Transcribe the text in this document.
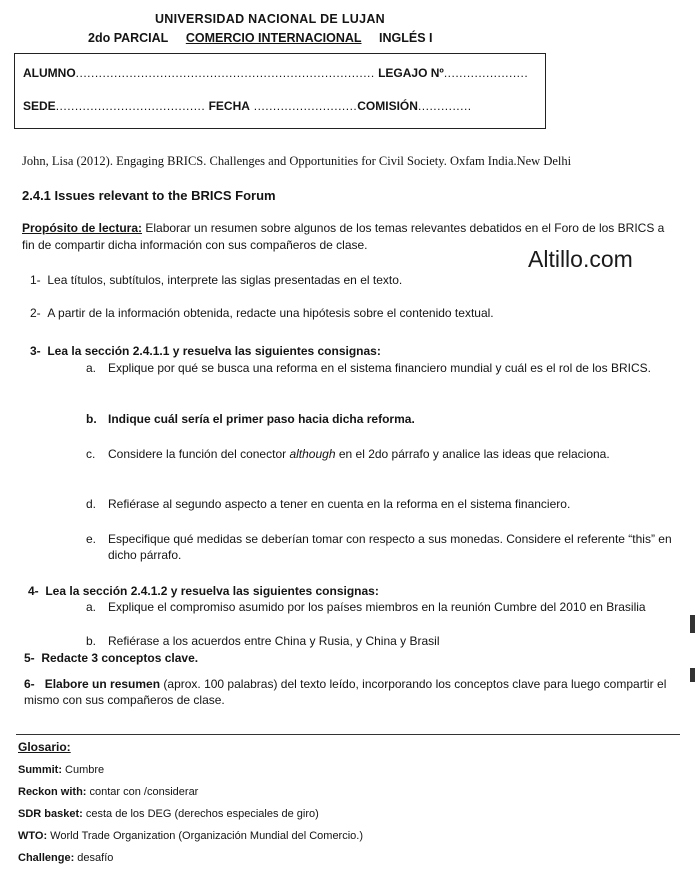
UNIVERSIDAD NACIONAL DE LUJAN
2do PARCIAL COMERCIO INTERNACIONAL INGLÉS I
ALUMNO.............................................................................. LEGAJO Nº......................
SEDE....................................... FECHA ...........................COMISIÓN..............
John, Lisa (2012). Engaging BRICS. Challenges and Opportunities for Civil Society. Oxfam India.New Delhi
2.4.1 Issues relevant to the BRICS Forum
Propósito de lectura: Elaborar un resumen sobre algunos de los temas relevantes debatidos en el Foro de los BRICS a fin de compartir dicha información con sus compañeros de clase.
Altillo.com
1- Lea títulos, subtítulos, interprete las siglas presentadas en el texto.
2- A partir de la información obtenida, redacte una hipótesis sobre el contenido textual.
3- Lea la sección 2.4.1.1 y resuelva las siguientes consignas:
a. Explique por qué se busca una reforma en el sistema financiero mundial y cuál es el rol de los BRICS.
b. Indique cuál sería el primer paso hacia dicha reforma.
c. Considere la función del conector although en el 2do párrafo y analice las ideas que relaciona.
d. Refiérase al segundo aspecto a tener en cuenta en la reforma en el sistema financiero.
e. Especifique qué medidas se deberían tomar con respecto a sus monedas. Considere el referente “this” en dicho párrafo.
4- Lea la sección 2.4.1.2 y resuelva las siguientes consignas:
a. Explique el compromiso asumido por los países miembros en la reunión Cumbre del 2010 en Brasilia
b. Refiérase a los acuerdos entre China y Rusia, y China y Brasil
5- Redacte 3 conceptos clave.
6- Elabore un resumen (aprox. 100 palabras) del texto leído, incorporando los conceptos clave para luego compartir el mismo con sus compañeros de clase.
Glosario:
Summit: Cumbre
Reckon with: contar con /considerar
SDR basket: cesta de los DEG (derechos especiales de giro)
WTO: World Trade Organization (Organización Mundial del Comercio.)
Challenge: desafío
